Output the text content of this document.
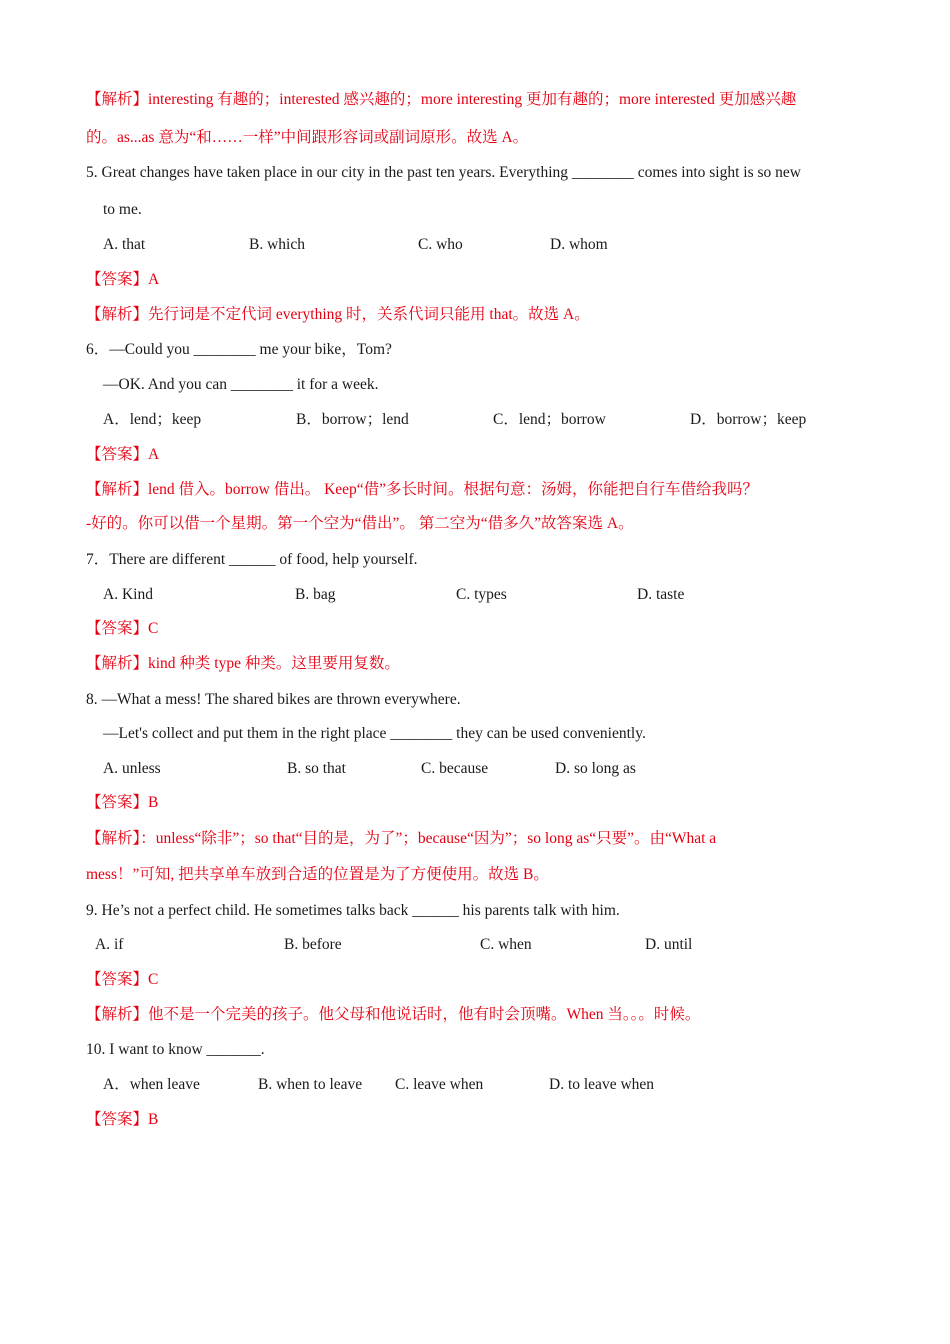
【解析】interesting 有趣的；interested 感兴趣的；more interesting 更加有趣的；more interested 更加感兴趣
的。as...as 意为“和……一样”中间跟形容词或副词原形。故选 A。
5. Great changes have taken place in our city in the past ten years. Everything ________ comes into sight is so new
to me.
A. that	B. which	C. who	D. whom
【答案】A
【解析】先行词是不定代词 everything 时，关系代词只能用 that。故选 A。
6．—Could you ________ me your bike，Tom?
—OK. And you can ________ it for a week.
A．lend；keep	B．borrow；lend	C．lend；borrow	D．borrow；keep
【答案】A
【解析】lend 借入。borrow 借出。 Keep“借”多长时间。根据句意：汤姆，你能把自行车借给我吗？
-好的。你可以借一个星期。第一个空为“借出”。 第二空为“借多久”故答案选 A。
7．There are different ______ of food, help yourself.
A. Kind	B. bag	C. types	D. taste
【答案】C
【解析】kind 种类 type 种类。这里要用复数。
8. —What a mess! The shared bikes are thrown everywhere.
—Let's collect and put them in the right place ________ they can be used conveniently.
A. unless	B. so that	C. because	D. so long as
【答案】B
【解析】：unless“除非”；so that“目的是，为了”；because“因为”；so long as“只要”。由“What a
mess！”可知, 把共享单车放到合适的位置是为了方便使用。故选 B。
9. He’s not a perfect child. He sometimes talks back ______ his parents talk with him.
A. if	B. before	C. when	D. until
【答案】C
【解析】他不是一个完美的孩子。他父母和他说话时，他有时会顶嘴。When 当。。。时候。
10. I want to know _______.
A．when leave	B. when to leave C. leave when	D. to leave when
【答案】B
